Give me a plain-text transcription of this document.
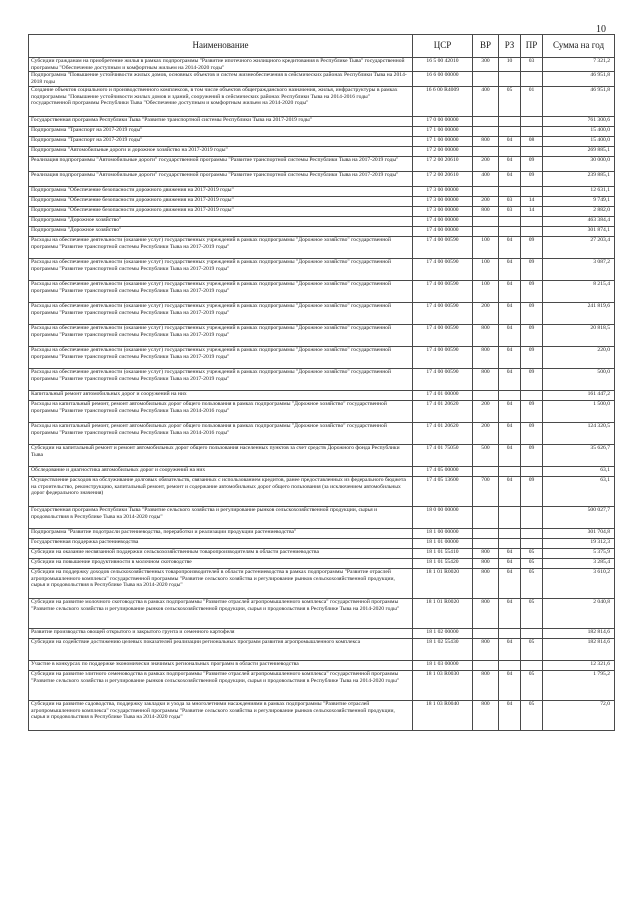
10
Наименование	ЦСР	ВР	РЗ	ПР	Сумма на год
Субсидии гражданам на приобретение жилья в рамках подпрограммы "Развитие ипотечного жилищного кредитования в Республике Тыва" государственной программы "Обеспечение доступным и комфортным жильем на 2014-2020 годы"	16 5 00 42010	300	10	03	7 321,2
Подпрограмма "Повышение устойчивости жилых домов, основных объектов и систем жизнеобеспечения в сейсмических районах Республики Тыва на 2014-2018 годы	16 6 00 00000				46 951,8
Создание объектов социального и производственного комплексов, в том числе объектов общегражданского назначения, жилья, инфраструктуры в рамках подпрограммы "Повышение устойчивости жилых домов и зданий, сооружений в сейсмических районах Республики Тыва на 2014-2016 годы" государственной программы Республики Тыва "Обеспечение доступным и комфортным жильем на 2014-2020 годы"	16 6 00 R4009	400	05	01	46 951,8
Государственная программа Республики Тыва "Развитие транспортной системы Республики Тыва на 2017-2019 годы"	17 0 00 00000				761 300,6
Подпрограмма "Транспорт на 2017-2019 годы"	17 1 00 00000				15 400,0
Подпрограмма "Транспорт на 2017-2019 годы"	17 1 00 00000	800	04	08	15 400,0
Подпрограмма "Автомобильные дороги и дорожное хозяйство на 2017-2019 годы"	17 2 00 00000				269 885,1
Реализация подпрограммы "Автомобильные дороги" государственной программы "Развитие транспортной системы Республики Тыва на 2017-2019 годы"	17 2 00 20610	200	04	09	30 000,0
Реализация подпрограммы "Автомобильные дороги" государственной программы "Развитие транспортной системы Республики Тыва на 2017-2019 годы"	17 2 00 20610	400	04	09	239 885,1
Подпрограмма "Обеспечение безопасности дорожного движения на 2017-2019 годы"	17 3 00 00000				12 631,1
Подпрограмма "Обеспечение безопасности дорожного движения на 2017-2019 годы"	17 3 00 00000	200	03	14	9 749,1
Подпрограмма "Обеспечение безопасности дорожного движения на 2017-2019 годы"	17 3 00 00000	800	03	14	2 882,0
Подпрограмма "Дорожное хозяйство"	17 4 00 00000				463 384,4
Подпрограмма "Дорожное хозяйство"	17 4 00 00000				301 874,1
Расходы на обеспечение деятельности (оказание услуг) государственных учреждений в рамках подпрограммы "Дорожное хозяйство" государственной программы "Развитие транспортной системы Республики Тыва на 2017-2019 годы"	17 4 00 00590	100	04	09	27 203,4
Расходы на обеспечение деятельности (оказание услуг) государственных учреждений в рамках подпрограммы "Дорожное хозяйство" государственной программы "Развитие транспортной системы Республики Тыва на 2017-2019 годы"	17 4 00 00590	100	04	09	3 087,2
Расходы на обеспечение деятельности (оказание услуг) государственных учреждений в рамках подпрограммы "Дорожное хозяйство" государственной программы "Развитие транспортной системы Республики Тыва на 2017-2019 годы"	17 4 00 00590	100	04	09	8 215,4
Расходы на обеспечение деятельности (оказание услуг) государственных учреждений в рамках подпрограммы "Дорожное хозяйство" государственной программы "Развитие транспортной системы Республики Тыва на 2017-2019 годы"	17 4 00 00590	200	04	09	241 819,6
Расходы на обеспечение деятельности (оказание услуг) государственных учреждений в рамках подпрограммы "Дорожное хозяйство" государственной программы "Развитие транспортной системы Республики Тыва на 2017-2019 годы"	17 4 00 00590	800	04	09	20 818,5
Расходы на обеспечение деятельности (оказание услуг) государственных учреждений в рамках подпрограммы "Дорожное хозяйство" государственной программы "Развитие транспортной системы Республики Тыва на 2017-2019 годы"	17 4 00 00590	800	04	09	220,0
Расходы на обеспечение деятельности (оказание услуг) государственных учреждений в рамках подпрограммы "Дорожное хозяйство" государственной программы "Развитие транспортной системы Республики Тыва на 2017-2019 годы"	17 4 00 00590	800	04	09	500,0
Капитальный ремонт автомобильных дорог и сооружений на них	17 4 01 00000				161 447,2
Расходы на капитальный ремонт, ремонт автомобильных дорог общего пользования в рамках подпрограммы "Дорожное хозяйство" государственной программы "Развитие транспортной системы Республики Тыва на 2014-2016 годы"	17 4 01 20620	200	04	09	1 500,0
Расходы на капитальный ремонт, ремонт автомобильных дорог общего пользования в рамках подпрограммы "Дорожное хозяйство" государственной программы "Развитие транспортной системы Республики Тыва на 2014-2016 годы"	17 4 01 20620	200	04	09	124 320,5
Субсидии на капитальный ремонт и ремонт автомобильных дорог общего пользования населенных пунктов за счет средств Дорожного фонда Республики Тыва	17 4 01 75050	500	04	09	35 626,7
Обследование и диагностика автомобильных дорог и сооружений на них	17 4 05 00000				63,1
Осуществление расходов на обслуживание долговых обязательств, связанных с использованием кредитов, ранее предоставленных из федерального бюджета на строительство, реконструкцию, капитальный ремонт, ремонт и содержание автомобильных дорог общего пользования (за исключением автомобильных дорог федерального значения)	17 4 05 13600	700	04	09	63,1
Государственная программа Республики Тыва "Развитие сельского хозяйства и регулирование рынков сельскохозяйственной продукции, сырья и продовольствия в Республике Тыва на 2014-2020 годы"	18 0 00 00000				500 027,7
Подпрограмма "Развитие подотрасли растениеводства, переработки и реализации продукции растениеводства"	18 1 00 00000				301 704,8
Государственная поддержка растениеводства	18 1 01 00000				19 312,3
Субсидии на оказание несвязанной поддержки сельскохозяйственным товаропроизводителям в области растениеводства	18 1 01 55410	800	04	05	5 375,9
Субсидии на повышение продуктивности в молочном скотоводстве	18 1 01 55420	800	04	05	3 285,4
Субсидии на поддержку доходов сельскохозяйственных товаропроизводителей в области растениеводства в рамках подпрограммы "Развитие отраслей агропромышленного комплекса" государственной программы "Развитие сельского хозяйства и регулирование рынков сельскохозяйственной продукции, сырья и продовольствия в Республике Тыва на 2014-2020 годы"	18 1 01 R0020	800	04	05	3 610,2
Субсидии на развитие молочного скотоводства в рамках подпрограммы "Развитие отраслей агропромышленного комплекса" государственной программы "Развитие сельского хозяйства и регулирование рынков сельскохозяйственной продукции, сырья и продовольствия в Республике Тыва на 2014-2020 годы"	18 1 01 R0020	800	04	05	2 040,8
Развитие производства овощей открытого и закрытого грунта и семенного картофеля	18 1 02 00000				182 814,6
Субсидии на содействие достижению целевых показателей реализации региональных программ развития агропромышленного комплекса	18 1 02 55430	800	04	05	182 814,6
Участие в конкурсах по поддержке экономически значимых региональных программ в области растениеводства	18 1 03 00000				12 321,6
Субсидии на развитие элитного семеноводства в рамках подпрограммы "Развитие отраслей агропромышленного комплекса" государственной программы "Развитие сельского хозяйства и регулирование рынков сельскохозяйственной продукции, сырья и продовольствия в Республике Тыва на 2014-2020 годы"	18 1 03 R0030	800	04	05	1 795,2
Субсидии на развитие садоводства, поддержку закладки и ухода за многолетними насаждениями в рамках подпрограммы "Развитие отраслей агропромышленного комплекса" государственной программы "Развитие сельского хозяйства и регулирование рынков сельскохозяйственной продукции, сырья и продовольствия в Республике Тыва на 2014-2020 годы"	18 1 03 R0040	800	04	05	72,0
